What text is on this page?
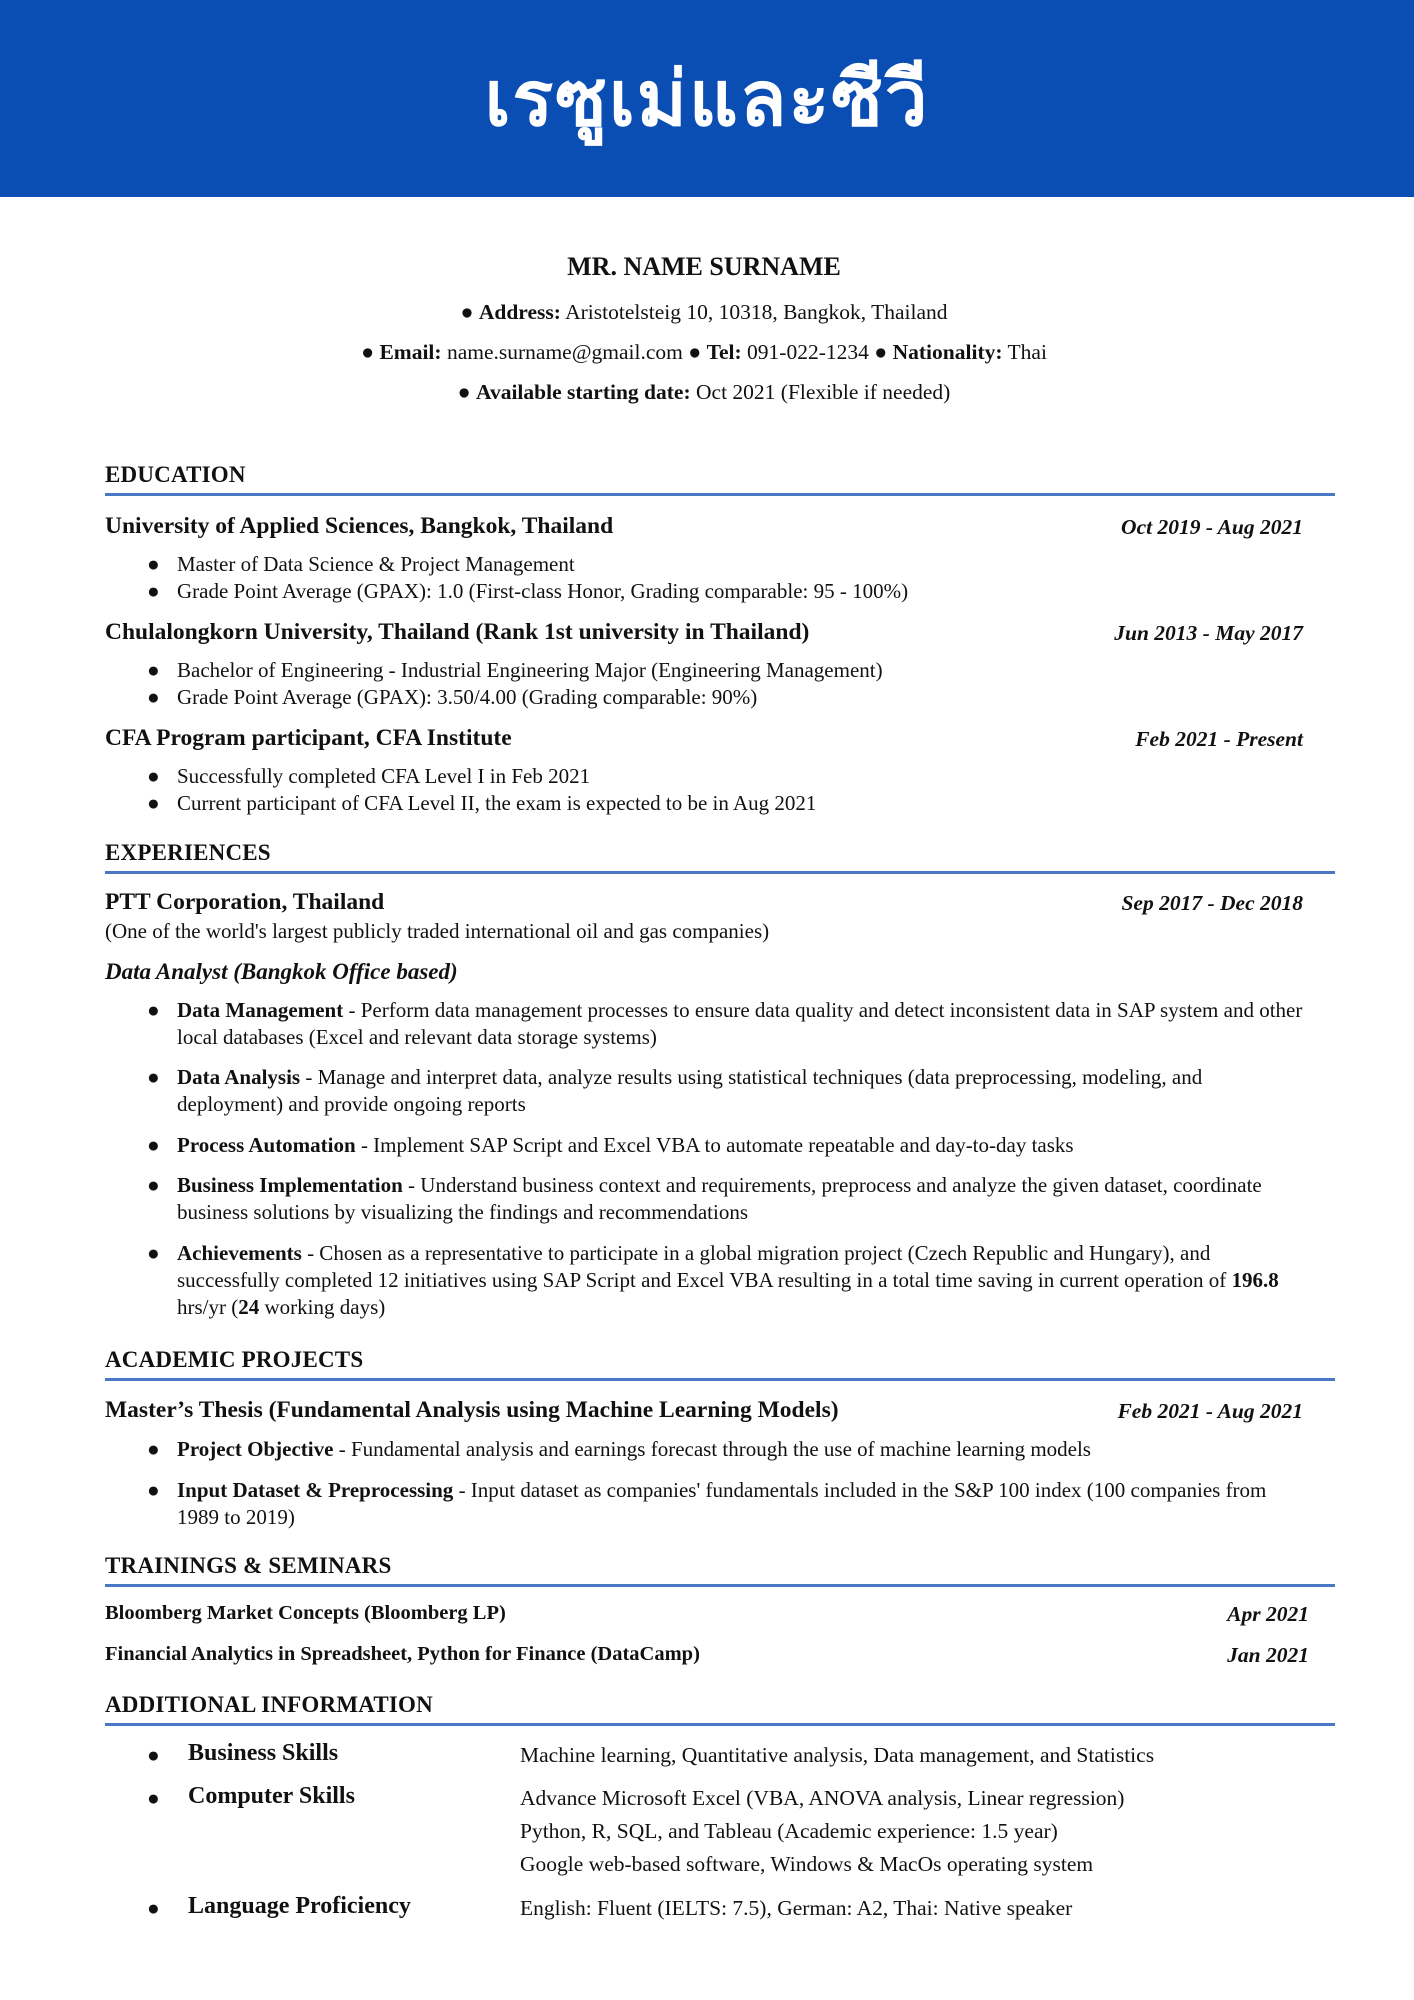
เรซูเม่และซีวี
MR. NAME SURNAME
● Address: Aristotelsteig 10, 10318, Bangkok, Thailand
● Email: name.surname@gmail.com ● Tel: 091-022-1234 ● Nationality: Thai
● Available starting date: Oct 2021 (Flexible if needed)
EDUCATION
University of Applied Sciences, Bangkok, Thailand	Oct 2019 - Aug 2021
● Master of Data Science & Project Management
● Grade Point Average (GPAX): 1.0 (First-class Honor, Grading comparable: 95 - 100%)
Chulalongkorn University, Thailand (Rank 1st university in Thailand)	Jun 2013 - May 2017
● Bachelor of Engineering - Industrial Engineering Major (Engineering Management)
● Grade Point Average (GPAX): 3.50/4.00 (Grading comparable: 90%)
CFA Program participant, CFA Institute	Feb 2021 - Present
● Successfully completed CFA Level I in Feb 2021
● Current participant of CFA Level II, the exam is expected to be in Aug 2021
EXPERIENCES
PTT Corporation, Thailand	Sep 2017 - Dec 2018
(One of the world's largest publicly traded international oil and gas companies)
Data Analyst (Bangkok Office based)
● Data Management - Perform data management processes to ensure data quality and detect inconsistent data in SAP system and other local databases (Excel and relevant data storage systems)
● Data Analysis - Manage and interpret data, analyze results using statistical techniques (data preprocessing, modeling, and deployment) and provide ongoing reports
● Process Automation - Implement SAP Script and Excel VBA to automate repeatable and day-to-day tasks
● Business Implementation - Understand business context and requirements, preprocess and analyze the given dataset, coordinate business solutions by visualizing the findings and recommendations
● Achievements - Chosen as a representative to participate in a global migration project (Czech Republic and Hungary), and successfully completed 12 initiatives using SAP Script and Excel VBA resulting in a total time saving in current operation of 196.8 hrs/yr (24 working days)
ACADEMIC PROJECTS
Master’s Thesis (Fundamental Analysis using Machine Learning Models)	Feb 2021 - Aug 2021
● Project Objective - Fundamental analysis and earnings forecast through the use of machine learning models
● Input Dataset & Preprocessing - Input dataset as companies' fundamentals included in the S&P 100 index (100 companies from 1989 to 2019)
TRAININGS & SEMINARS
Bloomberg Market Concepts (Bloomberg LP)	Apr 2021
Financial Analytics in Spreadsheet, Python for Finance (DataCamp)	Jan 2021
ADDITIONAL INFORMATION
● Business Skills	Machine learning, Quantitative analysis, Data management, and Statistics
● Computer Skills	Advance Microsoft Excel (VBA, ANOVA analysis, Linear regression)
Python, R, SQL, and Tableau (Academic experience: 1.5 year)
Google web-based software, Windows & MacOs operating system
● Language Proficiency	English: Fluent (IELTS: 7.5), German: A2, Thai: Native speaker
